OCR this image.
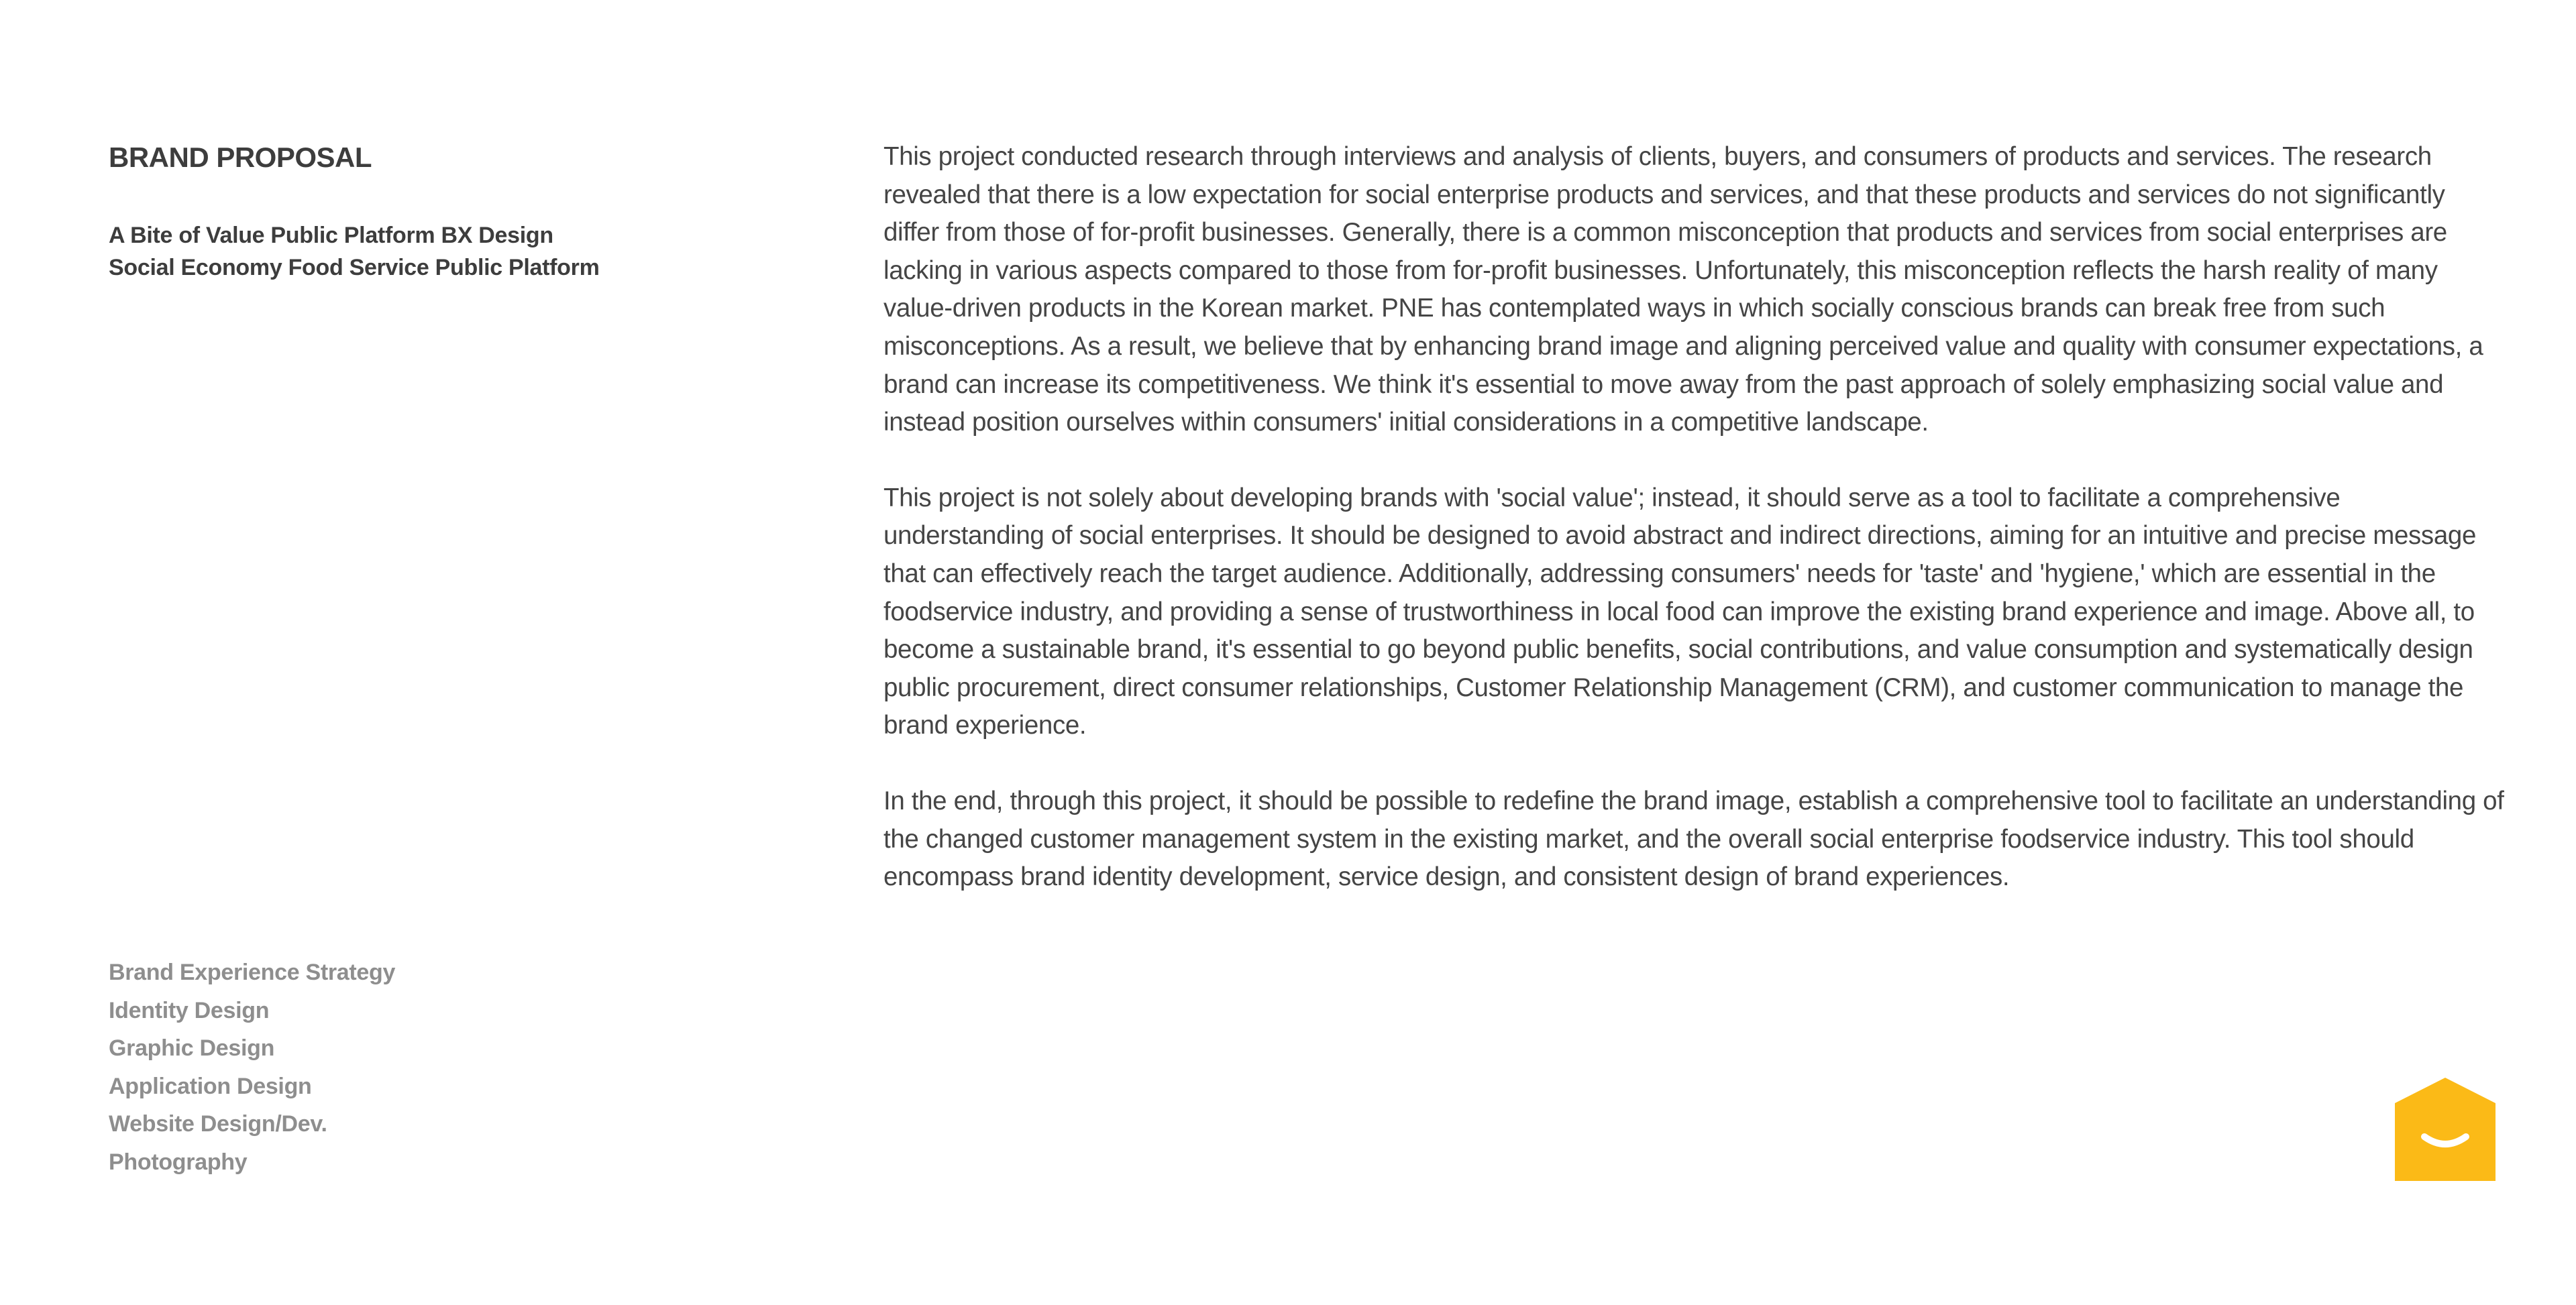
BRAND PROPOSAL
A Bite of Value Public Platform BX Design
Social Economy Food Service Public Platform
Brand Experience Strategy
Identity Design
Graphic Design
Application Design
Website Design/Dev.
Photography

This project conducted research through interviews and analysis of clients, buyers, and consumers of products and services. The research revealed that there is a low expectation for social enterprise products and services, and that these products and services do not significantly differ from those of for-profit businesses. Generally, there is a common misconception that products and services from social enterprises are lacking in various aspects compared to those from for-profit businesses. Unfortunately, this misconception reflects the harsh reality of many value-driven products in the Korean market. PNE has contemplated ways in which socially conscious brands can break free from such misconceptions. As a result, we believe that by enhancing brand image and aligning perceived value and quality with consumer expectations, a brand can increase its competitiveness. We think it's essential to move away from the past approach of solely emphasizing social value and instead position ourselves within consumers' initial considerations in a competitive landscape.

This project is not solely about developing brands with 'social value'; instead, it should serve as a tool to facilitate a comprehensive understanding of social enterprises. It should be designed to avoid abstract and indirect directions, aiming for an intuitive and precise message that can effectively reach the target audience. Additionally, addressing consumers' needs for 'taste' and 'hygiene,' which are essential in the foodservice industry, and providing a sense of trustworthiness in local food can improve the existing brand experience and image. Above all, to become a sustainable brand, it's essential to go beyond public benefits, social contributions, and value consumption and systematically design public procurement, direct consumer relationships, Customer Relationship Management (CRM), and customer communication to manage the brand experience.

In the end, through this project, it should be possible to redefine the brand image, establish a comprehensive tool to facilitate an understanding of the changed customer management system in the existing market, and the overall social enterprise foodservice industry. This tool should encompass brand identity development, service design, and consistent design of brand experiences.
